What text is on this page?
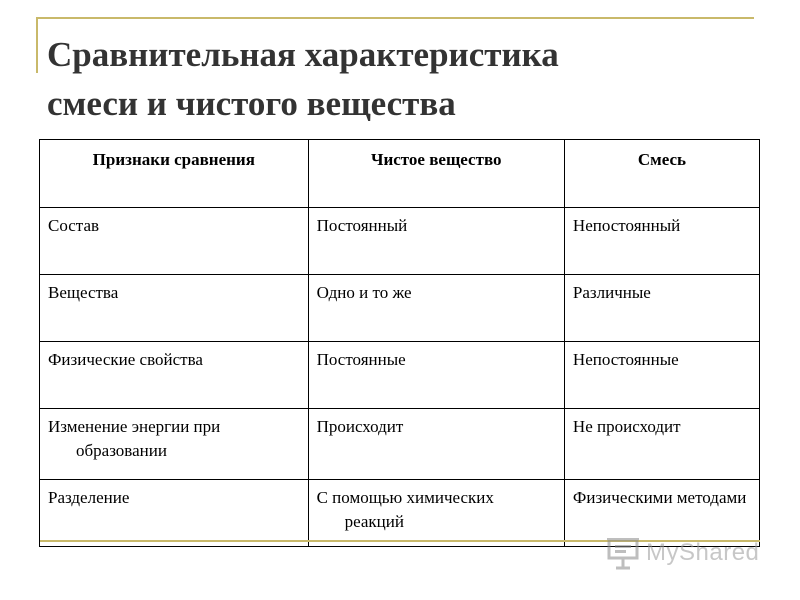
Сравнительная характеристика
смеси и чистого вещества
Признаки сравнения	Чистое вещество	Смесь
Состав	Постоянный	Непостоянный
Вещества	Одно и то же	Различные
Физические свойства	Постоянные	Непостоянные

Изменение энергии при образовании	Происходит	Не происходит
Разделение	С помощью химических реакций	Физическими методами
MyShared
